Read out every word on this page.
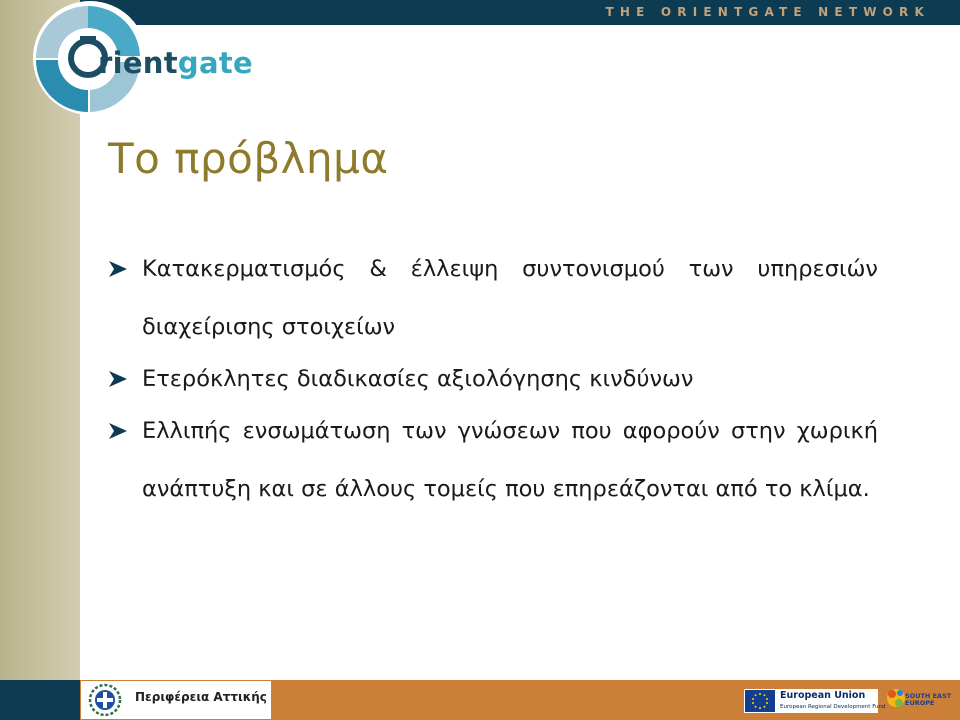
THE ORIENTGATE NETWORK
rientgate
Το πρόβλημα
Κατακερματισμός & έλλειψη συντονισμού των υπηρεσιών διαχείρισης στοιχείων
Ετερόκλητες διαδικασίες αξιολόγησης κινδύνων
Ελλιπής ενσωμάτωση των γνώσεων που αφορούν στην χωρική ανάπτυξη και σε άλλους τομείς που επηρεάζονται από το κλίμα.
Περιφέρεια Αττικής	European Union
European Regional Development Fund
SOUTH EAST
EUROPE
